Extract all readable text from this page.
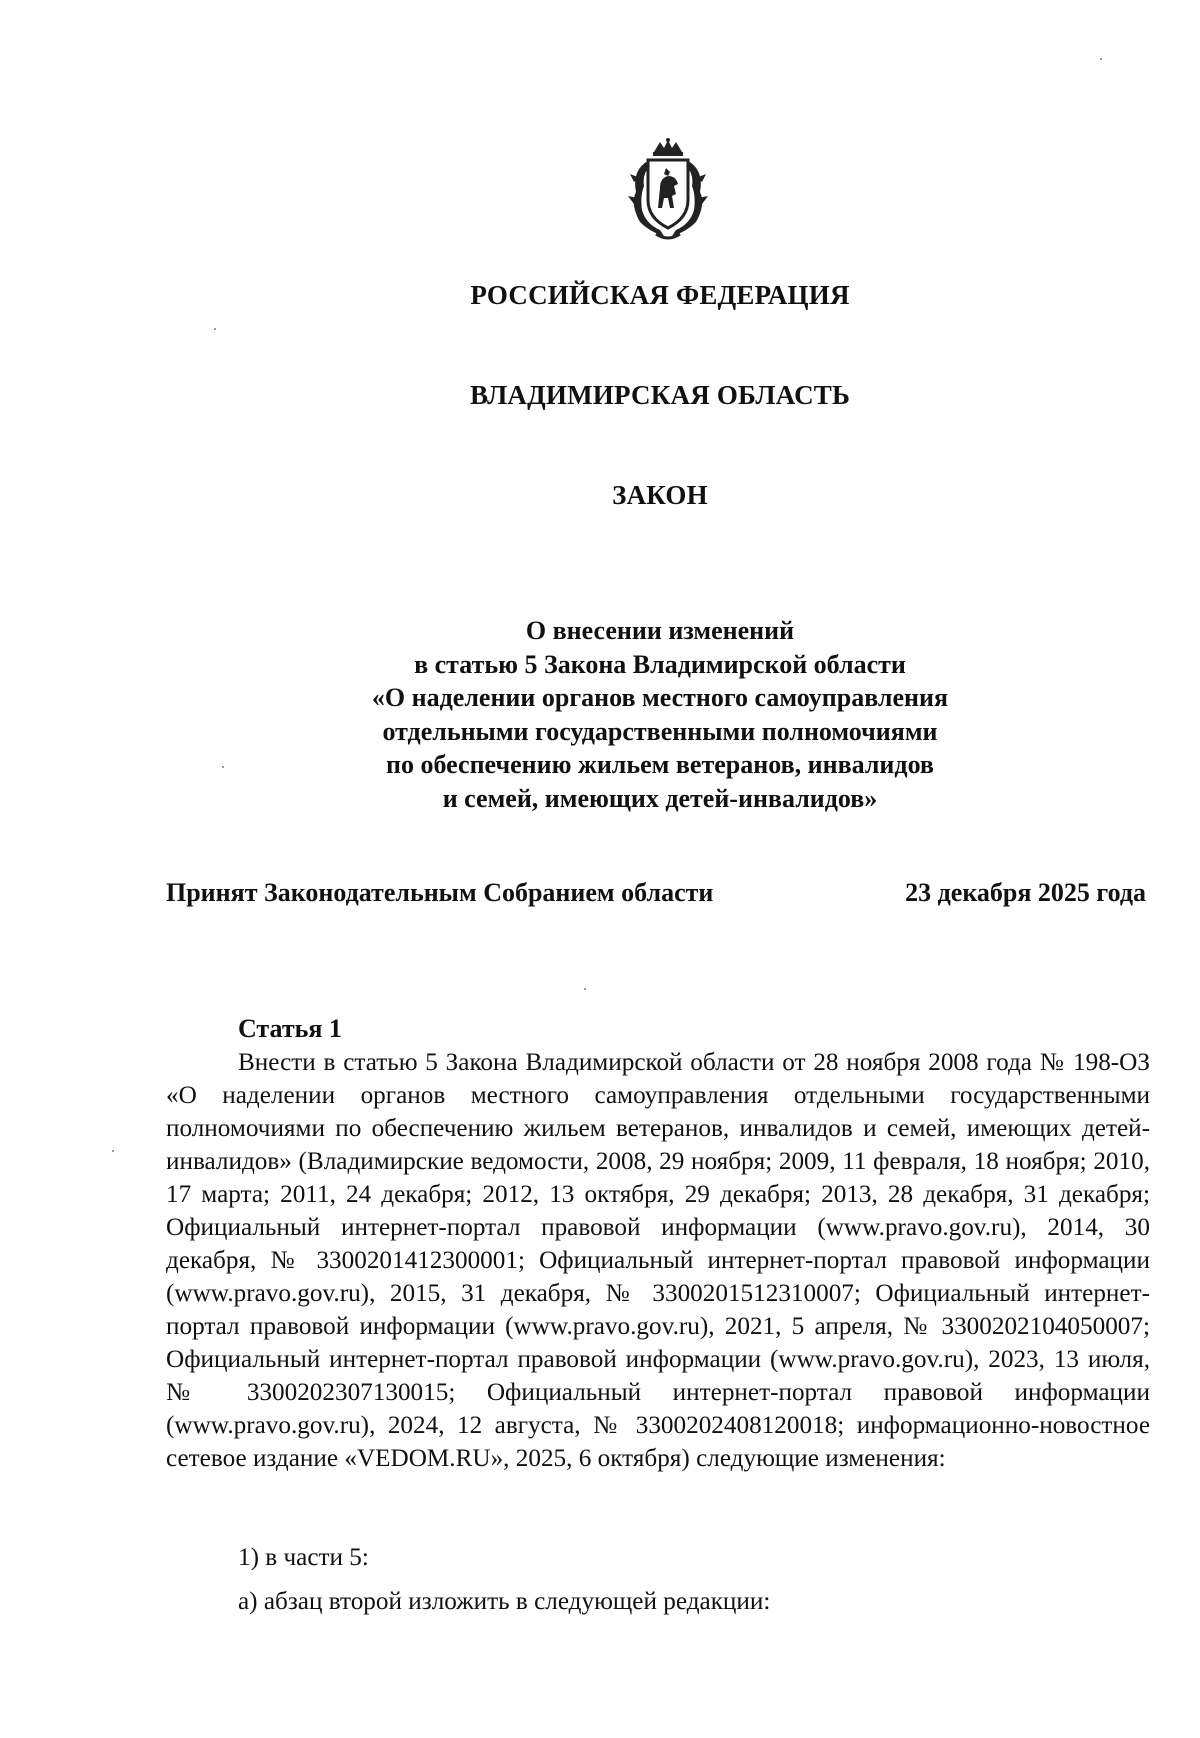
РОССИЙСКАЯ ФЕДЕРАЦИЯ
ВЛАДИМИРСКАЯ ОБЛАСТЬ
ЗАКОН
О внесении изменений
в статью 5 Закона Владимирской области
«О наделении органов местного самоуправления
отдельными государственными полномочиями
по обеспечению жильем ветеранов, инвалидов
и семей, имеющих детей-инвалидов»
Принят Законодательным Собранием области	23 декабря 2025 года
Статья 1

Внести в статью 5 Закона Владимирской области от 28 ноября 2008 года № 198-ОЗ «О наделении органов местного самоуправления отдельными государственными полномочиями по обеспечению жильем ветеранов, инвалидов и семей, имеющих детей-инвалидов» (Владимирские ведомости, 2008, 29 ноября; 2009, 11 февраля, 18 ноября; 2010, 17 марта; 2011, 24 декабря; 2012, 13 октября, 29 декабря; 2013, 28 декабря, 31 декабря; Официальный интернет-портал правовой информации (www.pravo.gov.ru), 2014, 30 декабря, № 3300201412300001; Официальный интернет-портал правовой информации (www.pravo.gov.ru), 2015, 31 декабря, № 3300201512310007; Официальный интернет-портал правовой информации (www.pravo.gov.ru), 2021, 5 апреля, № 3300202104050007; Официальный интернет-портал правовой информации (www.pravo.gov.ru), 2023, 13 июля, № 3300202307130015; Официальный интернет-портал правовой информации (www.pravo.gov.ru), 2024, 12 августа, № 3300202408120018; информационно-новостное сетевое издание «VEDOM.RU», 2025, 6 октября) следующие изменения:

1) в части 5:
а) абзац второй изложить в следующей редакции:
